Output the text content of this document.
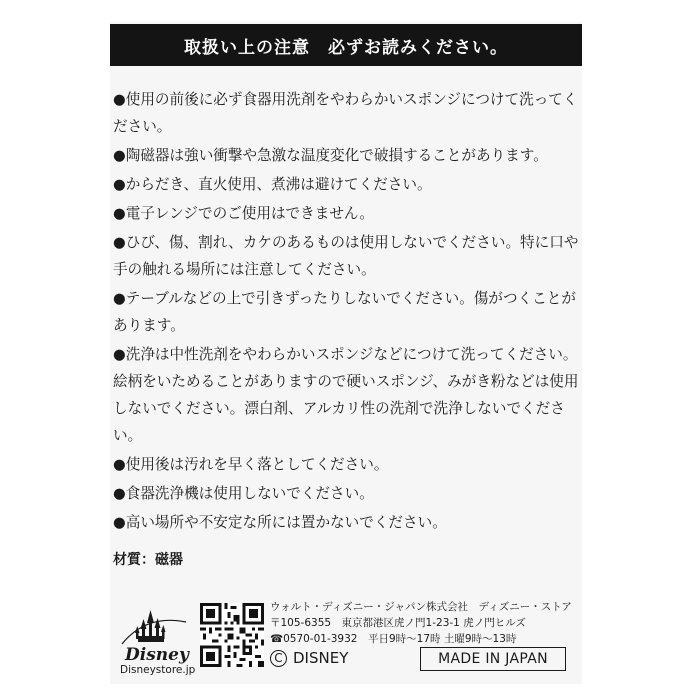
取扱い上の注意　必ずお読みください。
●使用の前後に必ず食器用洗剤をやわらかいスポンジにつけて洗ってください。
●陶磁器は強い衝撃や急激な温度変化で破損することがあります。
●からだき、直火使用、煮沸は避けてください。
●電子レンジでのご使用はできません。
●ひび、傷、割れ、カケのあるものは使用しないでください。特に口や手の触れる場所には注意してください。
●テーブルなどの上で引きずったりしないでください。傷がつくことがあります。
●洗浄は中性洗剤をやわらかいスポンジなどにつけて洗ってください。絵柄をいためることがありますので硬いスポンジ、みがき粉などは使用しないでください。漂白剤、アルカリ性の洗剤で洗浄しないでください。
●使用後は汚れを早く落としてください。
●食器洗浄機は使用しないでください。
●高い場所や不安定な所には置かないでください。
材質：磁器
Disney
Disneystore.jp
ウォルト・ディズニー・ジャパン株式会社　ディズニー・ストア
〒105-6355　東京都港区虎ノ門1-23-1 虎ノ門ヒルズ
☎0570-01-3932　平日9時〜17時 土曜9時〜13時
C DISNEY	MADE IN JAPAN
